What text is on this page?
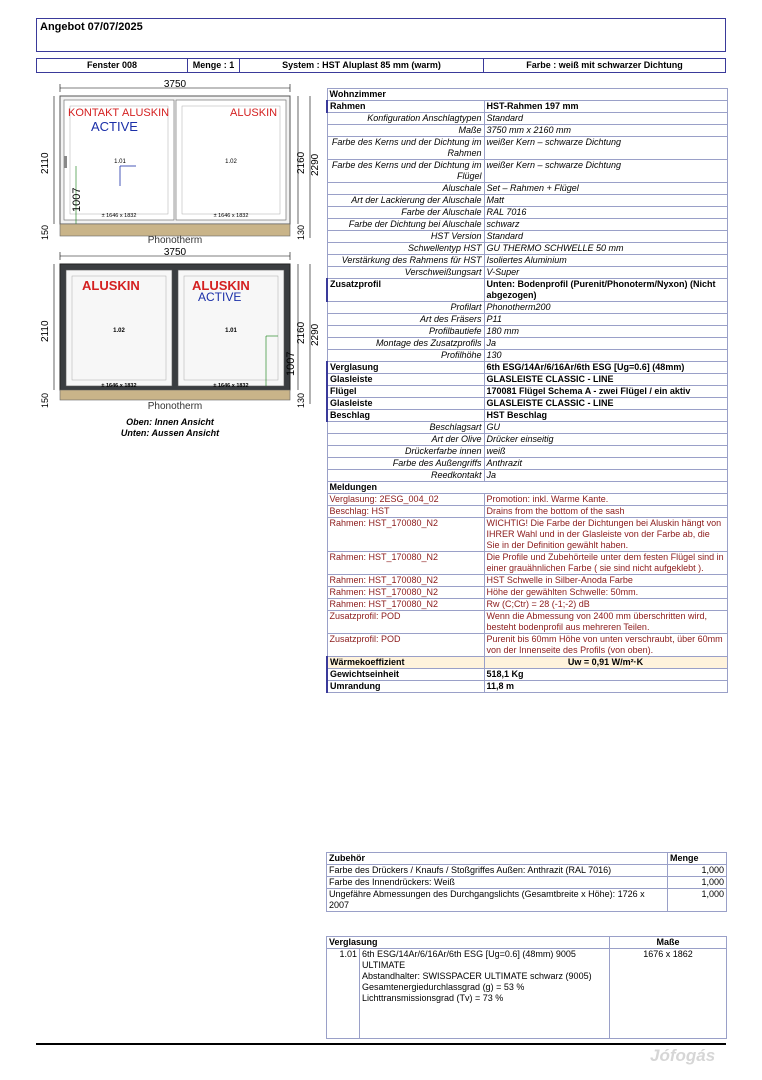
Angebot 07/07/2025
Fenster 008	Menge : 1	System : HST Aluplast 85 mm (warm)	Farbe : weiß mit schwarzer Dichtung
3750
KONTAKT ALUSKIN
ACTIVE
ALUSKIN
1.01	1.02
± 1646 x 1832	± 1646 x 1832
1007
2110	2160 2290
Phonotherm
150	130
3750
ALUSKIN	ALUSKIN
ACTIVE
1.02	1.01
± 1646 x 1832	± 1646 x 1832
1007
2110	2160 2290
Phonotherm
150	130
Oben: Innen Ansicht
Unten: Aussen Ansicht
Wohnzimmer	
Rahmen	HST-Rahmen 197 mm
Konfiguration Anschlagtypen	Standard
Maße	3750 mm x 2160 mm
Farbe des Kerns und der Dichtung im Rahmen	weißer Kern – schwarze Dichtung
Farbe des Kerns und der Dichtung im Flügel	weißer Kern – schwarze Dichtung
Aluschale	Set – Rahmen + Flügel
Art der Lackierung der Aluschale	Matt
Farbe der Aluschale	RAL 7016
Farbe der Dichtung bei Aluschale	schwarz
HST Version	Standard
Schwellentyp HST	GU THERMO SCHWELLE 50 mm
Verstärkung des Rahmens für HST	Isoliertes Aluminium
Verschweißungsart	V-Super
Zusatzprofil	Unten: Bodenprofil (Purenit/Phonoterm/Nyxon) (Nicht abgezogen)
Profilart	Phonotherm200
Art des Fräsers	P11
Profilbautiefe	180 mm
Montage des Zusatzprofils	Ja
Profilhöhe	130
Verglasung	6th ESG/14Ar/6/16Ar/6th ESG [Ug=0.6] (48mm)
Glasleiste	GLASLEISTE CLASSIC - LINE
Flügel	170081 Flügel Schema A - zwei Flügel / ein aktiv
Glasleiste	GLASLEISTE CLASSIC - LINE
Beschlag	HST Beschlag
Beschlagsart	GU
Art der Olive	Drücker einseitig
Drückerfarbe innen	weiß
Farbe des Außengriffs	Anthrazit
Reedkontakt	Ja
Meldungen	
Verglasung: 2ESG_004_02	Promotion: inkl. Warme Kante.
Beschlag: HST	Drains from the bottom of the sash
Rahmen: HST_170080_N2	WICHTIG! Die Farbe der Dichtungen bei Aluskin hängt von IHRER Wahl und in der Glasleiste von der Farbe ab, die Sie in der Definition gewählt haben.
Rahmen: HST_170080_N2	Die Profile und Zubehörteile unter dem festen Flügel sind in einer grauähnlichen Farbe ( sie sind nicht aufgeklebt ).
Rahmen: HST_170080_N2	HST Schwelle in Silber-Anoda Farbe
Rahmen: HST_170080_N2	Höhe der gewählten Schwelle: 50mm.
Rahmen: HST_170080_N2	Rw (C;Ctr) = 28 (-1;-2) dB
Zusatzprofil: POD	Wenn die Abmessung von 2400 mm überschritten wird, besteht bodenprofil aus mehreren Teilen.
Zusatzprofil: POD	Purenit bis 60mm Höhe von unten verschraubt, über 60mm von der Innenseite des Profils (von oben).
Wärmekoeffizient	Uw = 0,91 W/m²·K
Gewichtseinheit	518,1 Kg
Umrandung	11,8 m
Zubehör	Menge
Farbe des Drückers / Knaufs / Stoßgriffes Außen: Anthrazit (RAL 7016)	1,000
Farbe des Innendrückers: Weiß	1,000
Ungefähre Abmessungen des Durchgangslichts (Gesamtbreite x Höhe): 1726 x 2007	1,000
Verglasung		Maße
1.01	6th ESG/14Ar/6/16Ar/6th ESG [Ug=0.6] (48mm) 9005 ULTIMATE
Abstandhalter: SWISSPACER ULTIMATE schwarz (9005)
Gesamtenergiedurchlassgrad (g) = 53 %
Lichttransmissionsgrad (Tv) = 73 %	1676 x 1862
Jófogás
